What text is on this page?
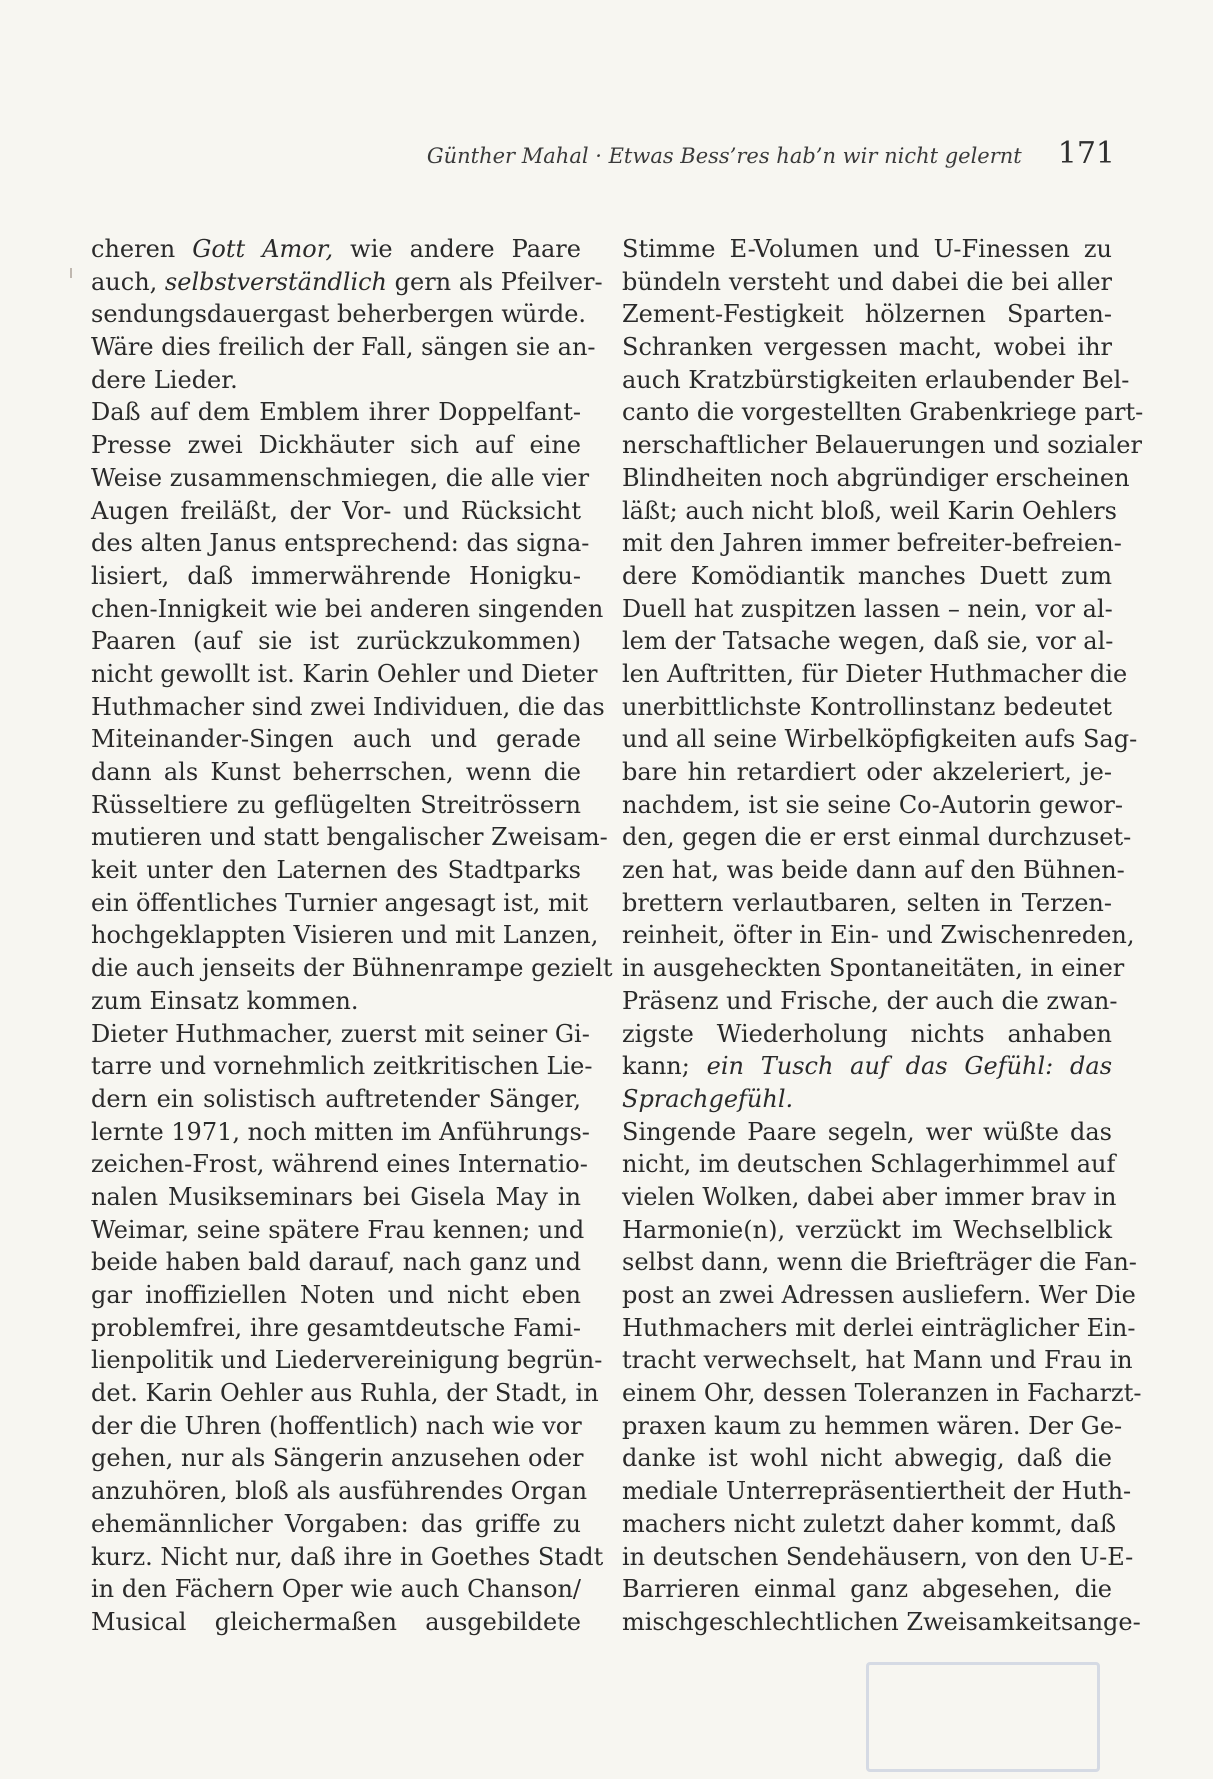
Günther Mahal · Etwas Bess’res hab’n wir nicht gelernt 171
cheren Gott Amor, wie andere Paare
auch, selbstverständlich gern als Pfeilver-
sendungsdauergast beherbergen würde.
Wäre dies freilich der Fall, sängen sie an-
dere Lieder.
Daß auf dem Emblem ihrer Doppelfant-
Presse zwei Dickhäuter sich auf eine
Weise zusammenschmiegen, die alle vier
Augen freiläßt, der Vor- und Rücksicht
des alten Janus entsprechend: das signa-
lisiert, daß immerwährende Honigku-
chen-Innigkeit wie bei anderen singenden
Paaren (auf sie ist zurückzukommen)
nicht gewollt ist. Karin Oehler und Dieter
Huthmacher sind zwei Individuen, die das
Miteinander-Singen auch und gerade
dann als Kunst beherrschen, wenn die
Rüsseltiere zu geflügelten Streitrössern
mutieren und statt bengalischer Zweisam-
keit unter den Laternen des Stadtparks
ein öffentliches Turnier angesagt ist, mit
hochgeklappten Visieren und mit Lanzen,
die auch jenseits der Bühnenrampe gezielt
zum Einsatz kommen.
Dieter Huthmacher, zuerst mit seiner Gi-
tarre und vornehmlich zeitkritischen Lie-
dern ein solistisch auftretender Sänger,
lernte 1971, noch mitten im Anführungs-
zeichen-Frost, während eines Internatio-
nalen Musikseminars bei Gisela May in
Weimar, seine spätere Frau kennen; und
beide haben bald darauf, nach ganz und
gar inoffiziellen Noten und nicht eben
problemfrei, ihre gesamtdeutsche Fami-
lienpolitik und Liedervereinigung begrün-
det. Karin Oehler aus Ruhla, der Stadt, in
der die Uhren (hoffentlich) nach wie vor
gehen, nur als Sängerin anzusehen oder
anzuhören, bloß als ausführendes Organ
ehemännlicher Vorgaben: das griffe zu
kurz. Nicht nur, daß ihre in Goethes Stadt
in den Fächern Oper wie auch Chanson/
Musical gleichermaßen ausgebildete
Stimme E-Volumen und U-Finessen zu
bündeln versteht und dabei die bei aller
Zement-Festigkeit hölzernen Sparten-
Schranken vergessen macht, wobei ihr
auch Kratzbürstigkeiten erlaubender Bel-
canto die vorgestellten Grabenkriege part-
nerschaftlicher Belauerungen und sozialer
Blindheiten noch abgründiger erscheinen
läßt; auch nicht bloß, weil Karin Oehlers
mit den Jahren immer befreiter-befreien-
dere Komödiantik manches Duett zum
Duell hat zuspitzen lassen – nein, vor al-
lem der Tatsache wegen, daß sie, vor al-
len Auftritten, für Dieter Huthmacher die
unerbittlichste Kontrollinstanz bedeutet
und all seine Wirbelköpfigkeiten aufs Sag-
bare hin retardiert oder akzeleriert, je-
nachdem, ist sie seine Co-Autorin gewor-
den, gegen die er erst einmal durchzuset-
zen hat, was beide dann auf den Bühnen-
brettern verlautbaren, selten in Terzen-
reinheit, öfter in Ein- und Zwischenreden,
in ausgeheckten Spontaneitäten, in einer
Präsenz und Frische, der auch die zwan-
zigste Wiederholung nichts anhaben
kann; ein Tusch auf das Gefühl: das
Sprachgefühl.
Singende Paare segeln, wer wüßte das
nicht, im deutschen Schlagerhimmel auf
vielen Wolken, dabei aber immer brav in
Harmonie(n), verzückt im Wechselblick
selbst dann, wenn die Briefträger die Fan-
post an zwei Adressen ausliefern. Wer Die
Huthmachers mit derlei einträglicher Ein-
tracht verwechselt, hat Mann und Frau in
einem Ohr, dessen Toleranzen in Facharzt-
praxen kaum zu hemmen wären. Der Ge-
danke ist wohl nicht abwegig, daß die
mediale Unterrepräsentiertheit der Huth-
machers nicht zuletzt daher kommt, daß
in deutschen Sendehäusern, von den U-E-
Barrieren einmal ganz abgesehen, die
mischgeschlechtlichen Zweisamkeitsange-
